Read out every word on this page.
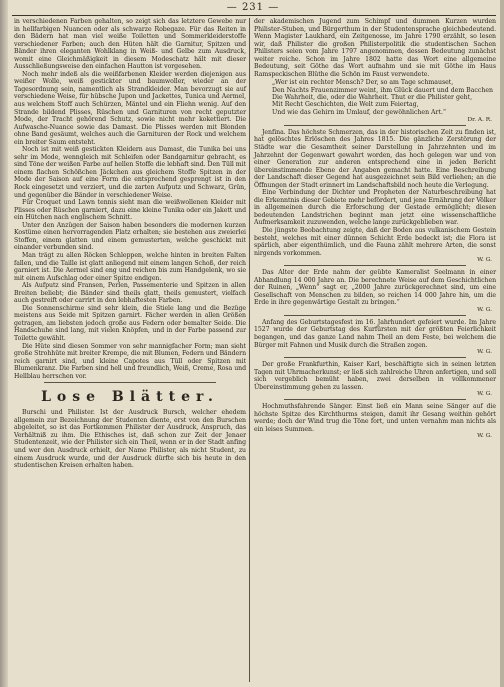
— 231 —

in verschiedenen Farben gehalten, so zeigt sich das letztere Gewebe nur in hellfarbigen Nuancen oder als schwarze Robegaze. Für das Reiten in den Bädern hat man viel weiße Toiletten und Sommerkleiderstoffe verschiedener Farben; auch den Hüten hält die Garnitur, Spitzen und Bänder ihren eleganten Wohlklang in Weiß- und Gelbe zum Ausdruck, womit eine Gleichmäßigkeit in diesem Modeschatz hält mit dieser Ausschließungsweise den einfachen Hautton ist vorgesehen.

Noch mehr indeß als die weißfarbenen Kleider werden diejenigen aus weißer Wolle, weiß gestickter und baumwoller, wieder an der Tagesordnung sein, namentlich als Strandkleider. Man bevorzugt sie auf verschiedene Weise, für hübsche Jupon und Jackettes, Tunica und Aermel, aus welchem Stoff auch Schürzen, Mäntel und ein Fliehn wenig. Auf den Strande bildend Plisses, Rüschen und Garnituren von recht geputzter Mode, der Tracht gehörend Schutz, sowie nicht mehr kokettiert. Die Aufwasche-Nuance sowie das Damast. Die Plisses werden mit Blonden ohne Band gesäumt, welches auch die Garnituren der Rock und welchem ein breiter Saum entsteht.

Noch ist mit weiß gestickten Kleidern aus Damast, die Tunika bei uns sehr im Mode, wenngleich mit Schleifen oder Bandgarnitur gebracht, es sind Töne der weißen Farbe auf hellen Stoffe die lebhaft sind. Den Tüll mit einem flachen Schößchen Jäckchen aus gleichem Stoffe Spitzen in der Mode der Saison auf eine Form die entsprechend gesprengt ist in den Rock eingesetzt und verziert, und die zarten Aufputz und Schwarz, Grün, und gegenüber die Bänder in verschiedener Weise.

Für Croquet und Lawn tennis sieht man die weißwollenen Kleider mit Plisses oder Rüschen garniert, dazu eine kleine Tunika oder ein Jakett und ein Hütchen nach englischem Schnitt.

Unter den Anzügen der Saison haben besonders die modernen kurzen Kostüme einen hervorragenden Platz erhalten; sie bestehen aus zweierlei Stoffen, einem glatten und einem gemusterten, welche geschickt mit einander verbunden sind.

Man trägt zu allen Röcken Schleppen, welche hinten in breiten Falten fallen, und die Taille ist glatt anliegend mit einem langen Schoß, der reich garniert ist. Die Aermel sind eng und reichen bis zum Handgelenk, wo sie mit einem Aufschlag oder einer Spitze endigen.

Als Aufputz sind Fransen, Perlen, Passementerie und Spitzen in allen Breiten beliebt; die Bänder sind theils glatt, theils gemustert, vielfach auch gestreift oder carrirt in den lebhaftesten Farben.

Die Sonnenschirme sind sehr klein, die Stiele lang und die Bezüge meistens aus Seide mit Spitzen garnirt. Fächer werden in allen Größen getragen, am liebsten jedoch große aus Federn oder bemalter Seide. Die Handschuhe sind lang, mit vielen Knöpfen, und in der Farbe passend zur Toilette gewählt.

Die Hüte sind diesen Sommer von sehr mannigfacher Form; man sieht große Strohhüte mit breiter Krempe, die mit Blumen, Federn und Bändern reich garnirt sind, und kleine Capotes aus Tüll oder Spitzen mit Blumenkranz. Die Farben sind hell und freundlich, Weiß, Creme, Rosa und Hellblau herrschen vor.

Lose Blätter.

Burschi und Philister. Ist der Ausdruck Bursch, welcher ehedem allgemein zur Bezeichnung der Studenten diente, erst von den Burschen abgeleitet, so ist das Fortkommen Philister der Ausdruck, Anspruch, das Verhältniß zu ihm. Die Ethisches ist, daß schon zur Zeit der Jenaer Studentenzeit, wie der Philister sich ein Theil, wenn er in der Stadt anfing und wer den Ausdruck erhielt, der Name Philister, als nicht Student, zu einem Ausdruck wurde, und der Ausdruck dürfte sich bis heute in den studentischen Kreisen erhalten haben.

der akademischen Jugend zum Schimpf und dummen Kurzen wurden Philister-Stuben, und Bürgerthum in der Studentensprache gleichbedeutend. Wenn Magister Laukhard, ein Zeitgenosse, im Jahre 1790 erzählt, so lesen wir, daß Philister die großen Philisterpolitik die studentischen Sachen Philisters seien vom Jahre 1797 angenommen, dessen Bedeutung zunächst weiter reiche. Schon im Jahre 1802 hatte das Wort eine allgemeine Bedeutung, seit Göthe das Wort aufnahm und sie mit Göthe im Haus Ramspeckischen Blüthe die Schön im Faust verwendete.

„Wer ist ein rechter Mensch? Der, so am Tage schmauset,
Den Nachts Frauenzimmer weint, ihm Glück dauert und dem Bacchen
Die Wahrheit, die, oder die Wahrheit. Thut er die Philister geht,
Mit Recht Geschichten, die Welt zum Feiertag,
Und wie das Gehirn im Umlauf, der gewöhnlichen Art.“
Dr. A. R.

Jenfina. Das höchste Schmerzen, das in der historischen Zeit zu finden ist, hat gelöschtes Erlöschen des Jahres 1815. Die gänzliche Zerstörung der Städte war die Gesamtheit seiner Darstellung in Jahrzehnten und im Jahrzehnt der Gegenwart gewahrt worden, das hoch gelegen war und von einer Generation zur anderen entsprechend eine in jeden Bericht übereinstimmende Ebene der Angaben gemacht hatte. Eine Beschreibung der Landschaft dieser Gegend hat ausgezeichnet sein Bild verliehen; an die Öffnungen der Stadt erinnert im Landschaftsbild noch heute die Verlegung.

Eine Verbindung der Dichter und Propheten der Naturbeschreibung hat die Erkenntnis dieser Gebiete mehr befördert, und jene Ernährung der Völker in allgemeinen durch die Erforschung der Gestade ermöglicht; diesen bedeutenden Landstrichen beginnt man jetzt eine wissenschaftliche Aufmerksamkeit zuzuwenden, welche lange zurückgeblieben war.

Die jüngste Beobachtung zeigte, daß der Boden aus vulkanischem Gestein besteht, welches mit einer dünnen Schicht Erde bedeckt ist; die Flora ist spärlich, aber eigenthümlich, und die Fauna zählt mehrere Arten, die sonst nirgends vorkommen.

W. G.

Das Alter der Erde nahm der geübte Kameralist Seelmann in einer Abhandlung 14 000 Jahre an. Die berechnete Weise auf dem Geschichtlichen der Ruinen, „Wenn“ sagt er, „2000 Jahre zurückgerechnet sind, um eine Gesellschaft von Menschen zu bilden, so reichen 14 000 Jahre hin, um die Erde in ihre gegenwärtige Gestalt zu bringen.“

W. G.

Anfang des Geburtstagesfest im 16. Jahrhundert gefeiert wurde. Im Jahre 1527 wurde der Geburtstag des Kurfürsten mit der größten Feierlichkeit begangen, und das ganze Land nahm Theil an dem Feste, bei welchem die Bürger mit Fahnen und Musik durch die Straßen zogen.

W. G.

Der große Frankfurthin, Kaiser Karl, beschäftigte sich in seinen letzten Tagen mit Uhrmacherkunst; er ließ sich zahlreiche Uhren anfertigen, und soll sich vergeblich bemüht haben, zwei derselben in vollkommener Übereinstimmung gehen zu lassen.

W. G.

Hochmuthsfahrende Sänger. Einst ließ ein Mann seine Sänger auf die höchste Spitze des Kirchthurms steigen, damit ihr Gesang weithin gehört werde; doch der Wind trug die Töne fort, und unten vernahm man nichts als ein leises Summen.

W. G.
